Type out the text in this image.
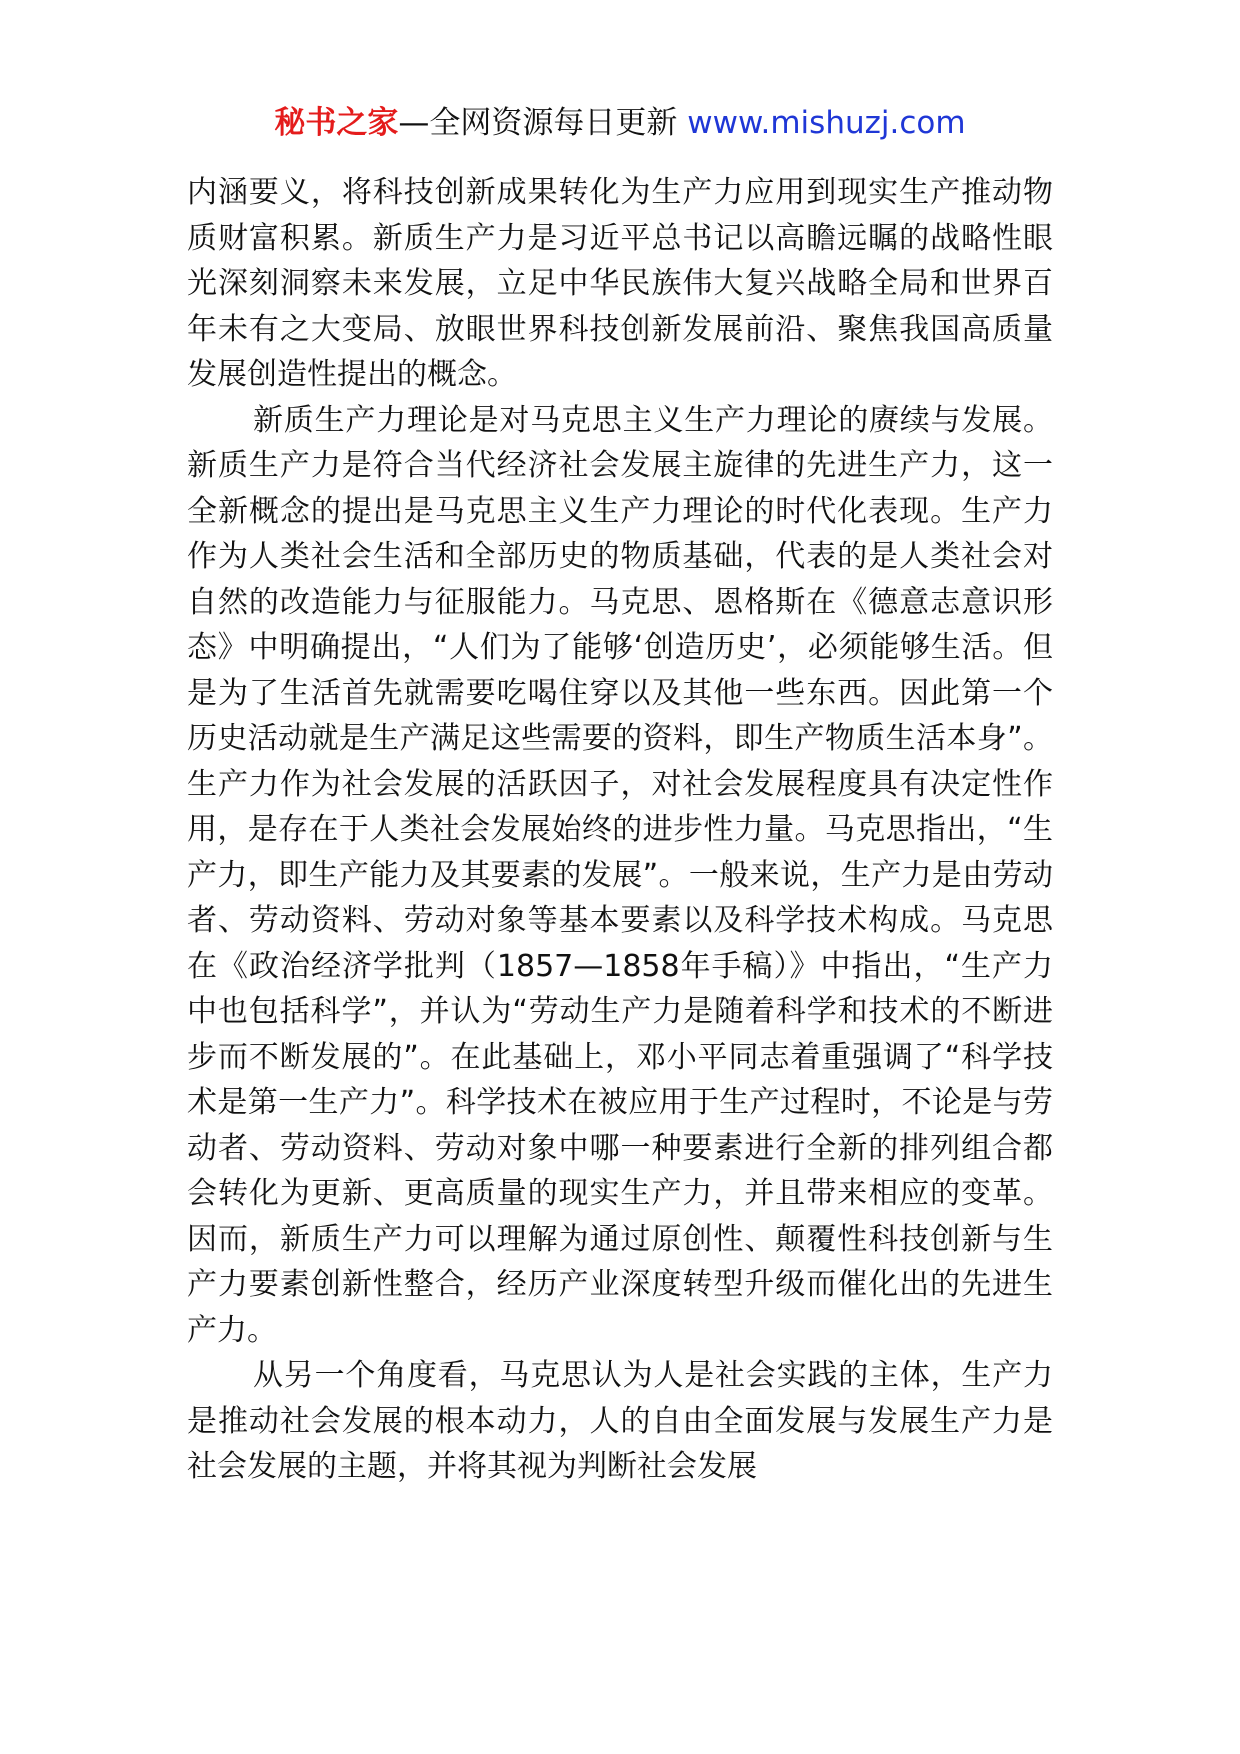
秘书之家—全网资源每日更新 www.mishuzj.com

内涵要义，将科技创新成果转化为生产力应用到现实生产推动物质财富积累。新质生产力是习近平总书记以高瞻远瞩的战略性眼光深刻洞察未来发展，立足中华民族伟大复兴战略全局和世界百年未有之大变局、放眼世界科技创新发展前沿、聚焦我国高质量发展创造性提出的概念。

新质生产力理论是对马克思主义生产力理论的赓续与发展。新质生产力是符合当代经济社会发展主旋律的先进生产力，这一全新概念的提出是马克思主义生产力理论的时代化表现。生产力作为人类社会生活和全部历史的物质基础，代表的是人类社会对自然的改造能力与征服能力。马克思、恩格斯在《德意志意识形态》中明确提出，“人们为了能够‘创造历史’，必须能够生活。但是为了生活首先就需要吃喝住穿以及其他一些东西。因此第一个历史活动就是生产满足这些需要的资料，即生产物质生活本身”。生产力作为社会发展的活跃因子，对社会发展程度具有决定性作用，是存在于人类社会发展始终的进步性力量。马克思指出，“生产力，即生产能力及其要素的发展”。一般来说，生产力是由劳动者、劳动资料、劳动对象等基本要素以及科学技术构成。马克思在《政治经济学批判（1857—1858年手稿）》中指出，“生产力中也包括科学”，并认为“劳动生产力是随着科学和技术的不断进步而不断发展的”。在此基础上，邓小平同志着重强调了“科学技术是第一生产力”。科学技术在被应用于生产过程时，不论是与劳动者、劳动资料、劳动对象中哪一种要素进行全新的排列组合都会转化为更新、更高质量的现实生产力，并且带来相应的变革。因而，新质生产力可以理解为通过原创性、颠覆性科技创新与生产力要素创新性整合，经历产业深度转型升级而催化出的先进生产力。

从另一个角度看，马克思认为人是社会实践的主体，生产力是推动社会发展的根本动力，人的自由全面发展与发展生产力是社会发展的主题，并将其视为判断社会发展
